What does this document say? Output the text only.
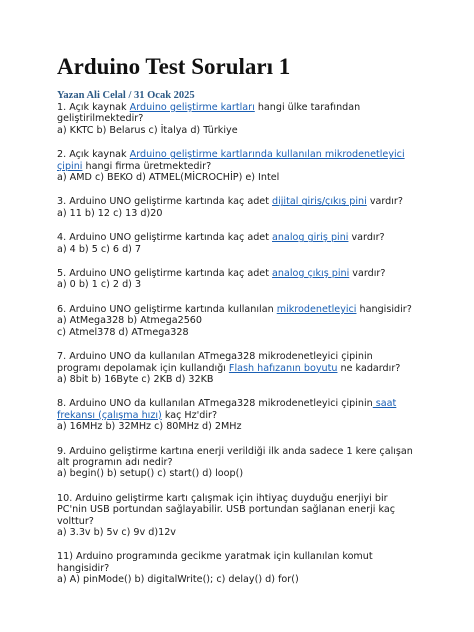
Arduino Test Soruları 1

Yazan Ali Celal / 31 Ocak 2025

1. Açık kaynak Arduino geliştirme kartları hangi ülke tarafından

geliştirilmektedir?

a) KKTC b) Belarus c) İtalya d) Türkiye

2. Açık kaynak Arduino geliştirme kartlarında kullanılan mikrodenetleyici

çipini hangi firma üretmektedir?

a) AMD c) BEKO d) ATMEL(MİCROCHİP) e) Intel

3. Arduino UNO geliştirme kartında kaç adet dijital giriş/çıkış pini vardır?

a) 11 b) 12 c) 13 d)20

4. Arduino UNO geliştirme kartında kaç adet analog giriş pini vardır?

a) 4 b) 5 c) 6 d) 7

5. Arduino UNO geliştirme kartında kaç adet analog çıkış pini vardır?

a) 0 b) 1 c) 2 d) 3

6. Arduino UNO geliştirme kartında kullanılan mikrodenetleyici hangisidir?

a) AtMega328 b) Atmega2560

c) Atmel378 d) ATmega328

7. Arduino UNO da kullanılan ATmega328 mikrodenetleyici çipinin

programı depolamak için kullandığı Flash hafızanın boyutu ne kadardır?

a) 8bit b) 16Byte c) 2KB d) 32KB

8. Arduino UNO da kullanılan ATmega328 mikrodenetleyici çipinin saat

frekansı (çalışma hızı) kaç Hz'dir?

a) 16MHz b) 32MHz c) 80MHz d) 2MHz

9. Arduino geliştirme kartına enerji verildiği ilk anda sadece 1 kere çalışan

alt programın adı nedir?

a) begin() b) setup() c) start() d) loop()

10. Arduino geliştirme kartı çalışmak için ihtiyaç duyduğu enerjiyi bir

PC'nin USB portundan sağlayabilir. USB portundan sağlanan enerji kaç

volttur?

a) 3.3v b) 5v c) 9v d)12v

11) Arduino programında gecikme yaratmak için kullanılan komut

hangisidir?

a) A) pinMode() b) digitalWrite(); c) delay() d) for()
